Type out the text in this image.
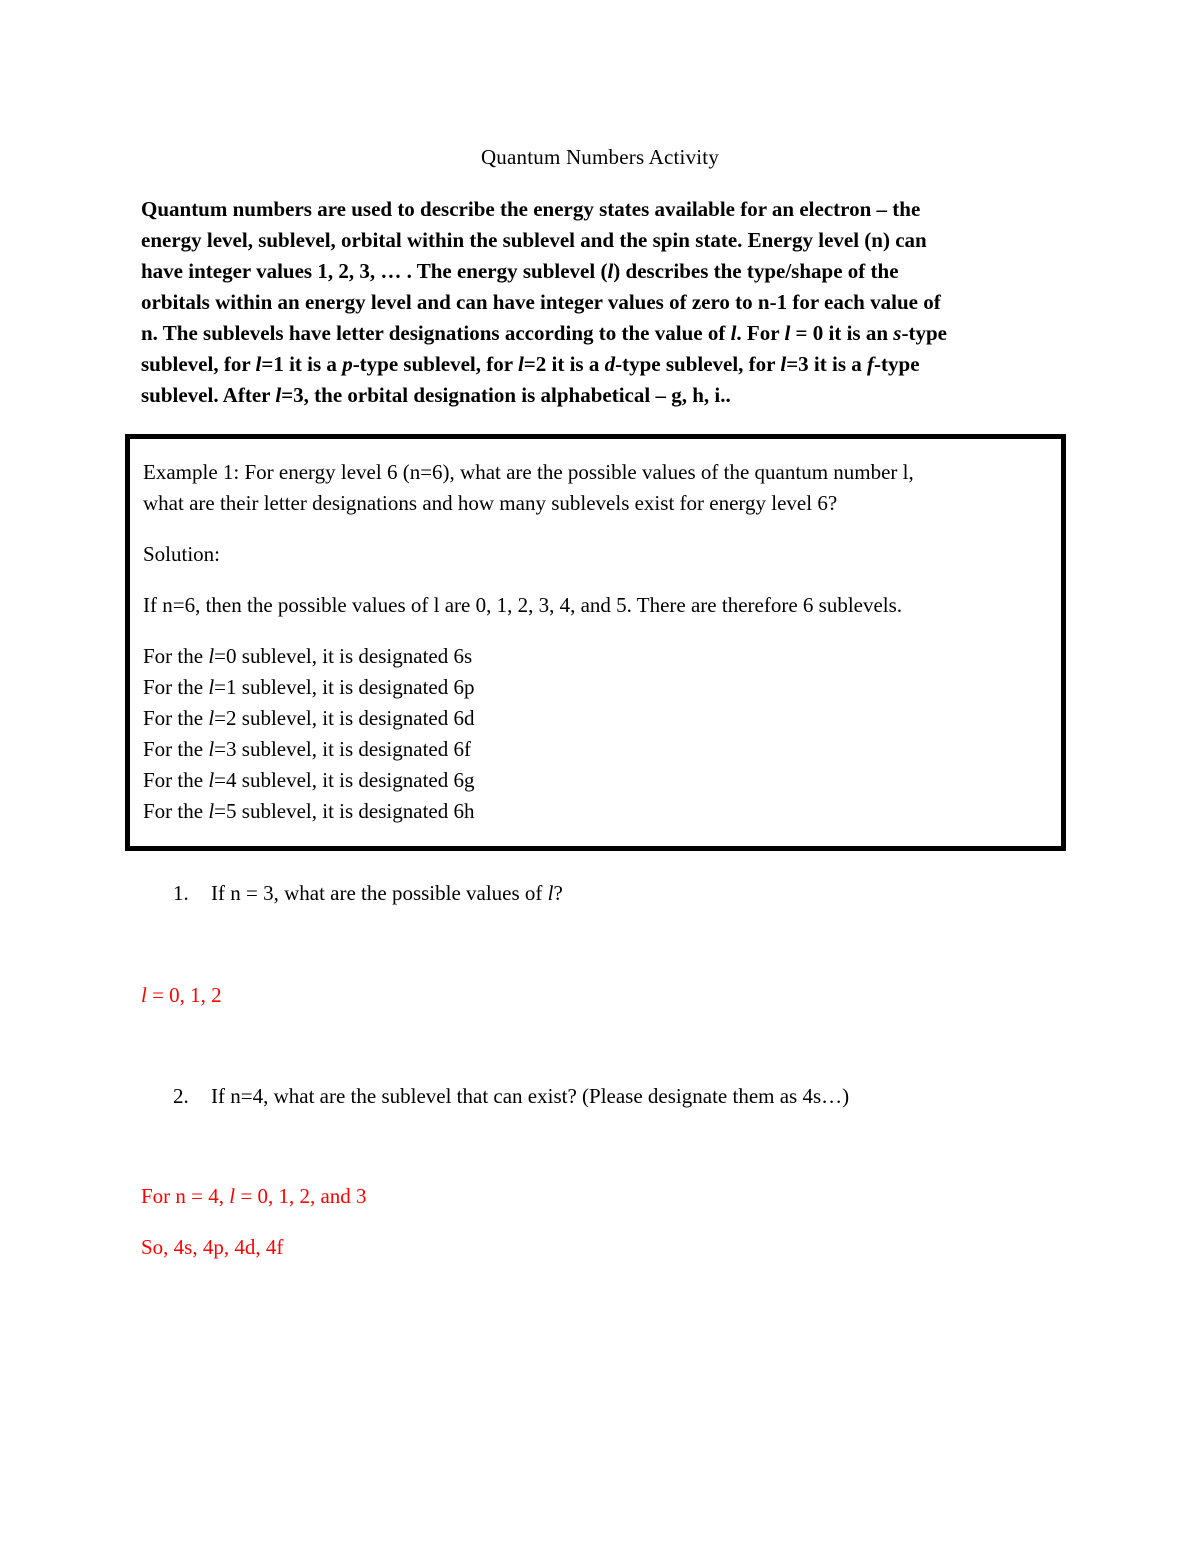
Quantum Numbers Activity
Quantum numbers are used to describe the energy states available for an electron – the
energy level, sublevel, orbital within the sublevel and the spin state. Energy level (n) can
have integer values 1, 2, 3, … . The energy sublevel (l) describes the type/shape of the
orbitals within an energy level and can have integer values of zero to n-1 for each value of
n. The sublevels have letter designations according to the value of l. For l = 0 it is an s-type
sublevel, for l=1 it is a p-type sublevel, for l=2 it is a d-type sublevel, for l=3 it is a f-type
sublevel. After l=3, the orbital designation is alphabetical – g, h, i..

Example 1: For energy level 6 (n=6), what are the possible values of the quantum number l,
what are their letter designations and how many sublevels exist for energy level 6?

Solution:

If n=6, then the possible values of l are 0, 1, 2, 3, 4, and 5. There are therefore 6 sublevels.

For the l=0 sublevel, it is designated 6s
For the l=1 sublevel, it is designated 6p
For the l=2 sublevel, it is designated 6d
For the l=3 sublevel, it is designated 6f
For the l=4 sublevel, it is designated 6g
For the l=5 sublevel, it is designated 6h
1. If n = 3, what are the possible values of l?
l = 0, 1, 2
2. If n=4, what are the sublevel that can exist? (Please designate them as 4s…)
For n = 4, l = 0, 1, 2, and 3
So, 4s, 4p, 4d, 4f
